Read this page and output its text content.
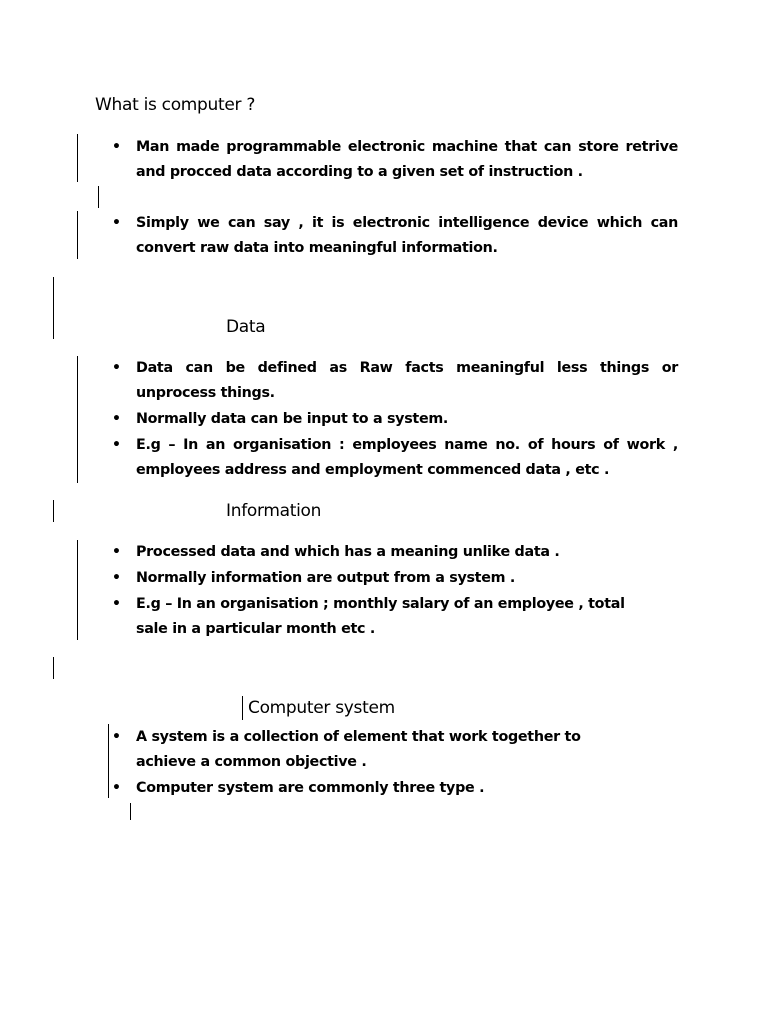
What is computer ?
• Man made programmable electronic machine that can store retrive and procced data according to a given set of instruction .
• Simply we can say , it is electronic intelligence device which can convert raw data into meaningful information.
Data
• Data can be defined as Raw facts meaningful less things or unprocess things.
• Normally data can be input to a system.
• E.g – In an organisation : employees name no. of hours of work , employees address and employment commenced data , etc .
Information
• Processed data and which has a meaning unlike data .
• Normally information are output from a system .
• E.g – In an organisation ; monthly salary of an employee , total sale in a particular month etc .
Computer system
• A system is a collection of element that work together to achieve a common objective .
• Computer system are commonly three type .
